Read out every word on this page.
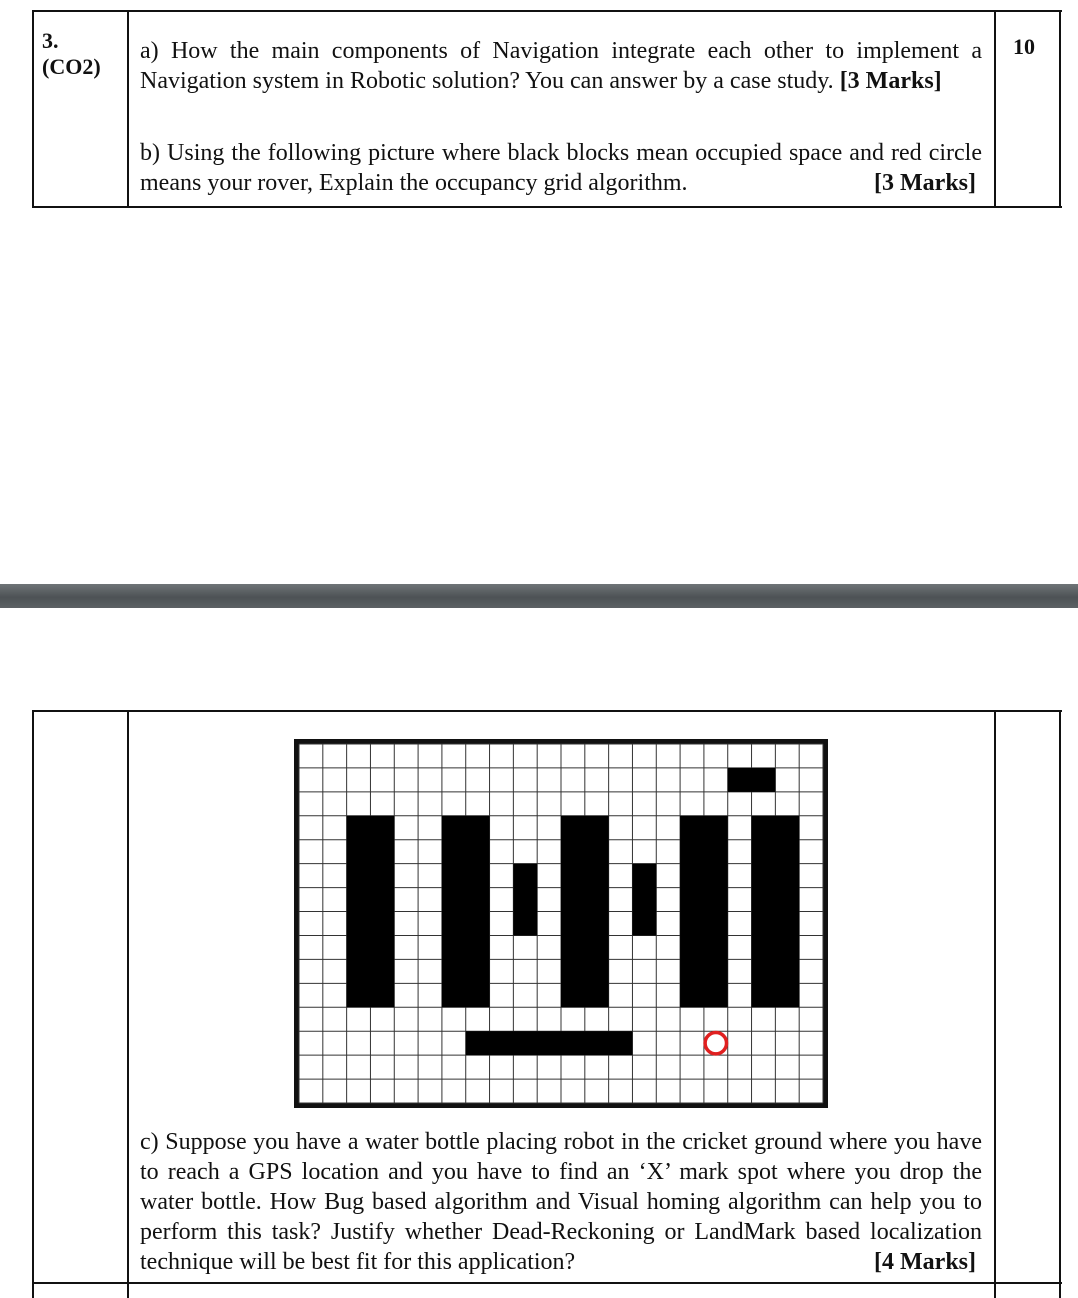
3.
(CO2)
10
a) How the main components of Navigation integrate each other to implement a Navigation system in Robotic solution? You can answer by a case study. [3 Marks]
b) Using the following picture where black blocks mean occupied space and red circle means your rover, Explain the occupancy grid algorithm.	[3 Marks]
c) Suppose you have a water bottle placing robot in the cricket ground where you have to reach a GPS location and you have to find an ‘X’ mark spot where you drop the water bottle. How Bug based algorithm and Visual homing algorithm can help you to perform this task? Justify whether Dead-Reckoning or LandMark based localization technique will be best fit for this application?	[4 Marks]
